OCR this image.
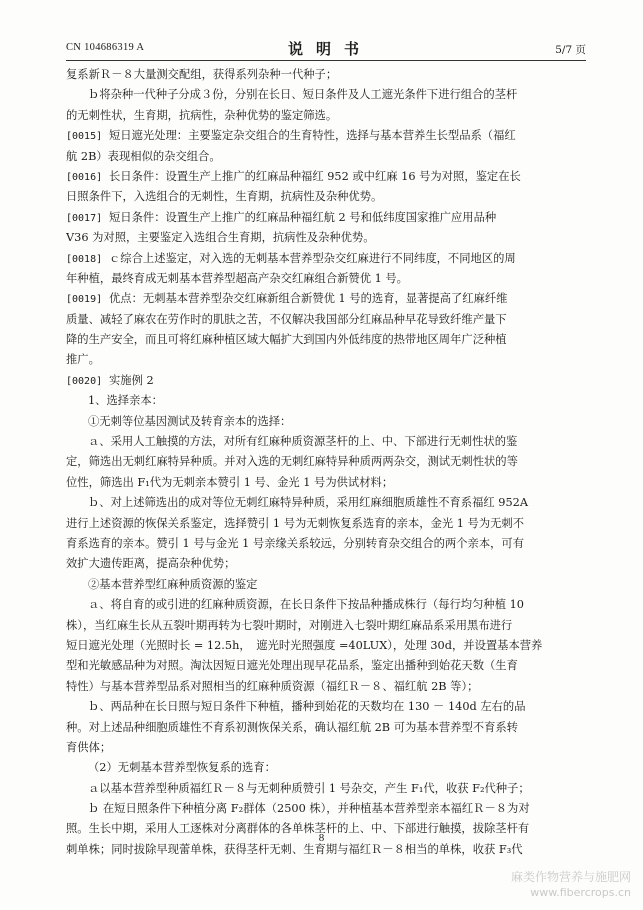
CN 104686319 A	说明书	5/7 页
复系新Ｒ－８大量测交配组，获得系列杂种一代种子；
ｂ将杂种一代种子分成３份，分别在长日、短日条件及人工遮光条件下进行组合的茎杆
的无刺性状，生育期，抗病性，杂种优势的鉴定筛选。
[0015] 短日遮光处理：主要鉴定杂交组合的生育特性，选择与基本营养生长型品系（福红
航 2B）表现相似的杂交组合。
[0016] 长日条件：设置生产上推广的红麻品种福红 952 或中红麻 16 号为对照，鉴定在长
日照条件下，入选组合的无刺性，生育期，抗病性及杂种优势。
[0017] 短日条件：设置生产上推广的红麻品种福红航 2 号和低纬度国家推广应用品种
V36 为对照，主要鉴定入选组合生育期，抗病性及杂种优势。
[0018] ｃ综合上述鉴定，对入选的无刺基本营养型杂交红麻进行不同纬度，不同地区的周
年种植，最终育成无刺基本营养型超高产杂交红麻组合新赞优 1 号。
[0019] 优点：无刺基本营养型杂交红麻新组合新赞优 1 号的选育，显著提高了红麻纤维
质量、减轻了麻农在劳作时的肌肤之苦，不仅解决我国部分红麻品种早花导致纤维产量下
降的生产安全，而且可将红麻种植区域大幅扩大到国内外低纬度的热带地区周年广泛种植
推广。
[0020] 实施例 2
1、选择亲本：
①无刺等位基因测试及转育亲本的选择：
ａ、采用人工触摸的方法，对所有红麻种质资源茎杆的上、中、下部进行无刺性状的鉴
定，筛选出无刺红麻特异种质。并对入选的无刺红麻特异种质两两杂交，测试无刺性状的等
位性，筛选出 F₁代为无刺亲本赞引 1 号、金光 1 号为供试材料；
ｂ、对上述筛选出的成对等位无刺红麻特异种质，采用红麻细胞质雄性不育系福红 952A
进行上述资源的恢保关系鉴定，选择赞引 1 号为无刺恢复系选育的亲本，金光 1 号为无刺不
育系选育的亲本。赞引 1 号与金光 1 号亲缘关系较远，分别转育杂交组合的两个亲本，可有
效扩大遗传距离，提高杂种优势；
②基本营养型红麻种质资源的鉴定
ａ、将自育的或引进的红麻种质资源，在长日条件下按品种播成株行（每行均匀种植 10
株），当红麻生长从五裂叶期再转为七裂叶期时，对刚进入七裂叶期红麻品系采用黑布进行
短日遮光处理（光照时长 = 12.5h，　遮光时光照强度 =40LUX），处理 30d，并设置基本营养
型和光敏感品种为对照。淘汰因短日遮光处理出现早花品系，鉴定出播种到始花天数（生育
特性）与基本营养型品系对照相当的红麻种质资源（福红Ｒ－８、福红航 2B 等）；
ｂ、两品种在长日照与短日条件下种植，播种到始花的天数均在 130 － 140d 左右的品
种。对上述品种细胞质雄性不育系初测恢保关系，确认福红航 2B 可为基本营养型不育系转
育供体；
（2）无刺基本营养型恢复系的选育：
ａ以基本营养型种质福红Ｒ－８与无刺种质赞引 1 号杂交，产生 F₁代，收获 F₂代种子；
ｂ 在短日照条件下种植分离 F₂群体（2500 株），并种植基本营养型亲本福红Ｒ－８为对
照。生长中期，采用人工逐株对分离群体的各单株茎杆的上、中、下部进行触摸，拔除茎杆有
刺单株；同时拔除早现蕾单株，获得茎杆无刺、生育期与福红Ｒ－８相当的单株，收获 F₃代
8
麻类作物营养与施肥网
www.fibercrops.cn
